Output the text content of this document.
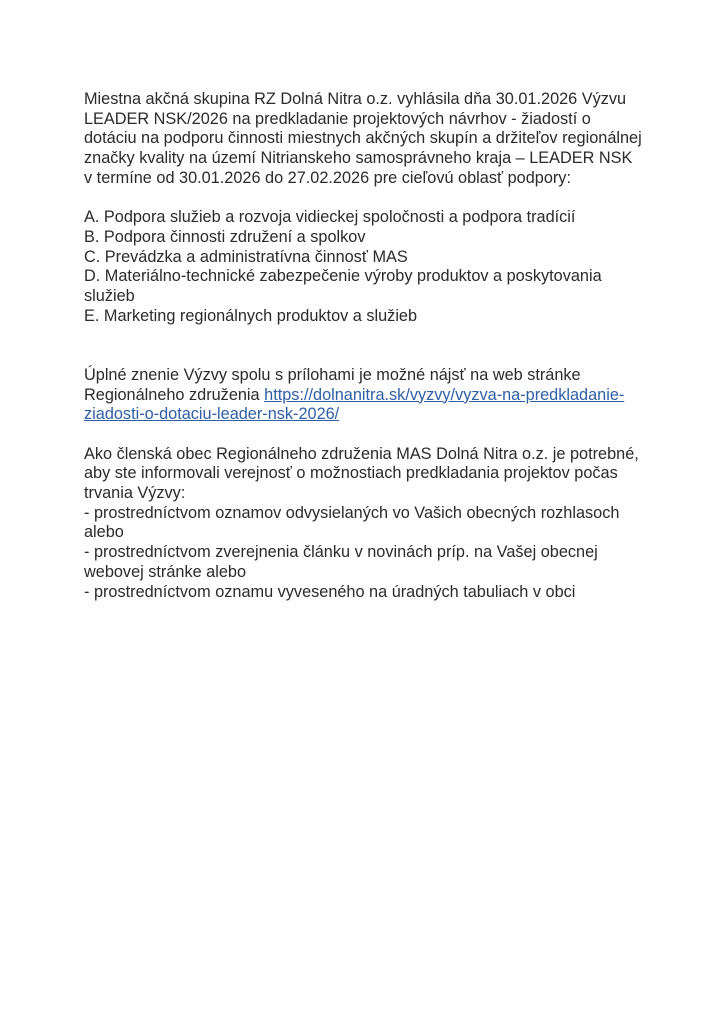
Miestna akčná skupina RZ Dolná Nitra o.z. vyhlásila dňa 30.01.2026 Výzvu LEADER NSK/2026 na predkladanie projektových návrhov - žiadostí o dotáciu na podporu činnosti miestnych akčných skupín a držiteľov regionálnej značky kvality na území Nitrianskeho samosprávneho kraja – LEADER NSK v termíne od 30.01.2026 do 27.02.2026 pre cieľovú oblasť podpory:

A. Podpora služieb a rozvoja vidieckej spoločnosti a podpora tradícií
B. Podpora činnosti združení a spolkov
C. Prevádzka a administratívna činnosť MAS
D. Materiálno-technické zabezpečenie výroby produktov a poskytovania služieb
E. Marketing regionálnych produktov a služieb

Úplné znenie Výzvy spolu s prílohami je možné nájsť na web stránke Regionálneho združenia https://dolnanitra.sk/vyzvy/vyzva-na-predkladanie-ziadosti-o-dotaciu-leader-nsk-2026/

Ako členská obec Regionálneho združenia MAS Dolná Nitra o.z. je potrebné, aby ste informovali verejnosť o možnostiach predkladania projektov počas trvania Výzvy:

- prostredníctvom oznamov odvysielaných vo Vašich obecných rozhlasoch alebo
- prostredníctvom zverejnenia článku v novinách príp. na Vašej obecnej webovej stránke alebo
- prostredníctvom oznamu vyveseného na úradných tabuliach v obci
